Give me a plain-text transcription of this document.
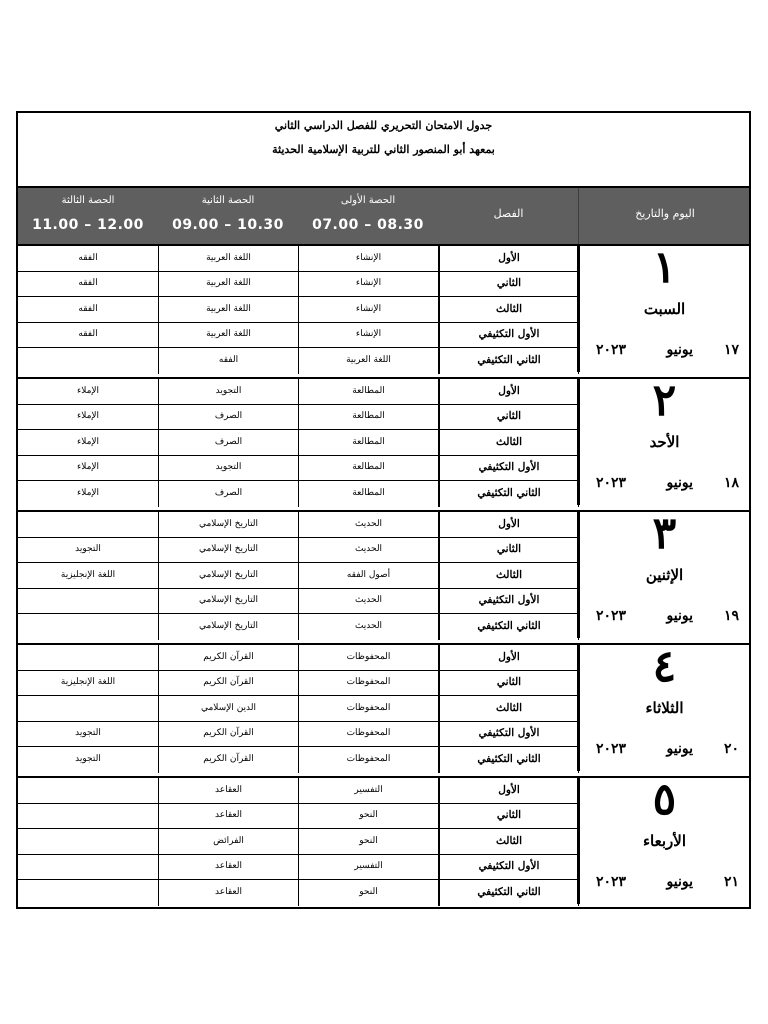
جدول الامتحان التحريري للفصل الدراسي الثاني
بمعهد أبو المنصور الثاني للتربية الإسلامية الحديثة
اليوم والتاريخ
الفصل
الحصة الأولى
07.00 – 08.30
الحصة الثانية
09.00 – 10.30
الحصة الثالثة
11.00 – 12.00
١
السبت
١٧
يونيو
٢٠٢٣
الأول
الإنشاء
اللغة العربية
الفقه
الثاني
الإنشاء
اللغة العربية
الفقه
الثالث
الإنشاء
اللغة العربية
الفقه
الأول التكثيفي
الإنشاء
اللغة العربية
الفقه
الثاني التكثيفي
اللغة العربية
الفقه
٢
الأحد
١٨
يونيو
٢٠٢٣
الأول
المطالعة
التجويد
الإملاء
الثاني
المطالعة
الصرف
الإملاء
الثالث
المطالعة
الصرف
الإملاء
الأول التكثيفي
المطالعة
التجويد
الإملاء
الثاني التكثيفي
المطالعة
الصرف
الإملاء
٣
الإثنين
١٩
يونيو
٢٠٢٣
الأول
الحديث
التاريخ الإسلامي
الثاني
الحديث
التاريخ الإسلامي
التجويد
الثالث
أصول الفقه
التاريخ الإسلامي
اللغة الإنجليزية
الأول التكثيفي
الحديث
التاريخ الإسلامي
الثاني التكثيفي
الحديث
التاريخ الإسلامي
٤
الثلاثاء
٢٠
يونيو
٢٠٢٣
الأول
المحفوظات
القرآن الكريم
الثاني
المحفوظات
القرآن الكريم
اللغة الإنجليزية
الثالث
المحفوظات
الدين الإسلامي
الأول التكثيفي
المحفوظات
القرآن الكريم
التجويد
الثاني التكثيفي
المحفوظات
القرآن الكريم
التجويد
٥
الأربعاء
٢١
يونيو
٢٠٢٣
الأول
التفسير
العقاعد
الثاني
النحو
العقاعد
الثالث
النحو
الفرائض
الأول التكثيفي
التفسير
العقاعد
الثاني التكثيفي
النحو
العقاعد
